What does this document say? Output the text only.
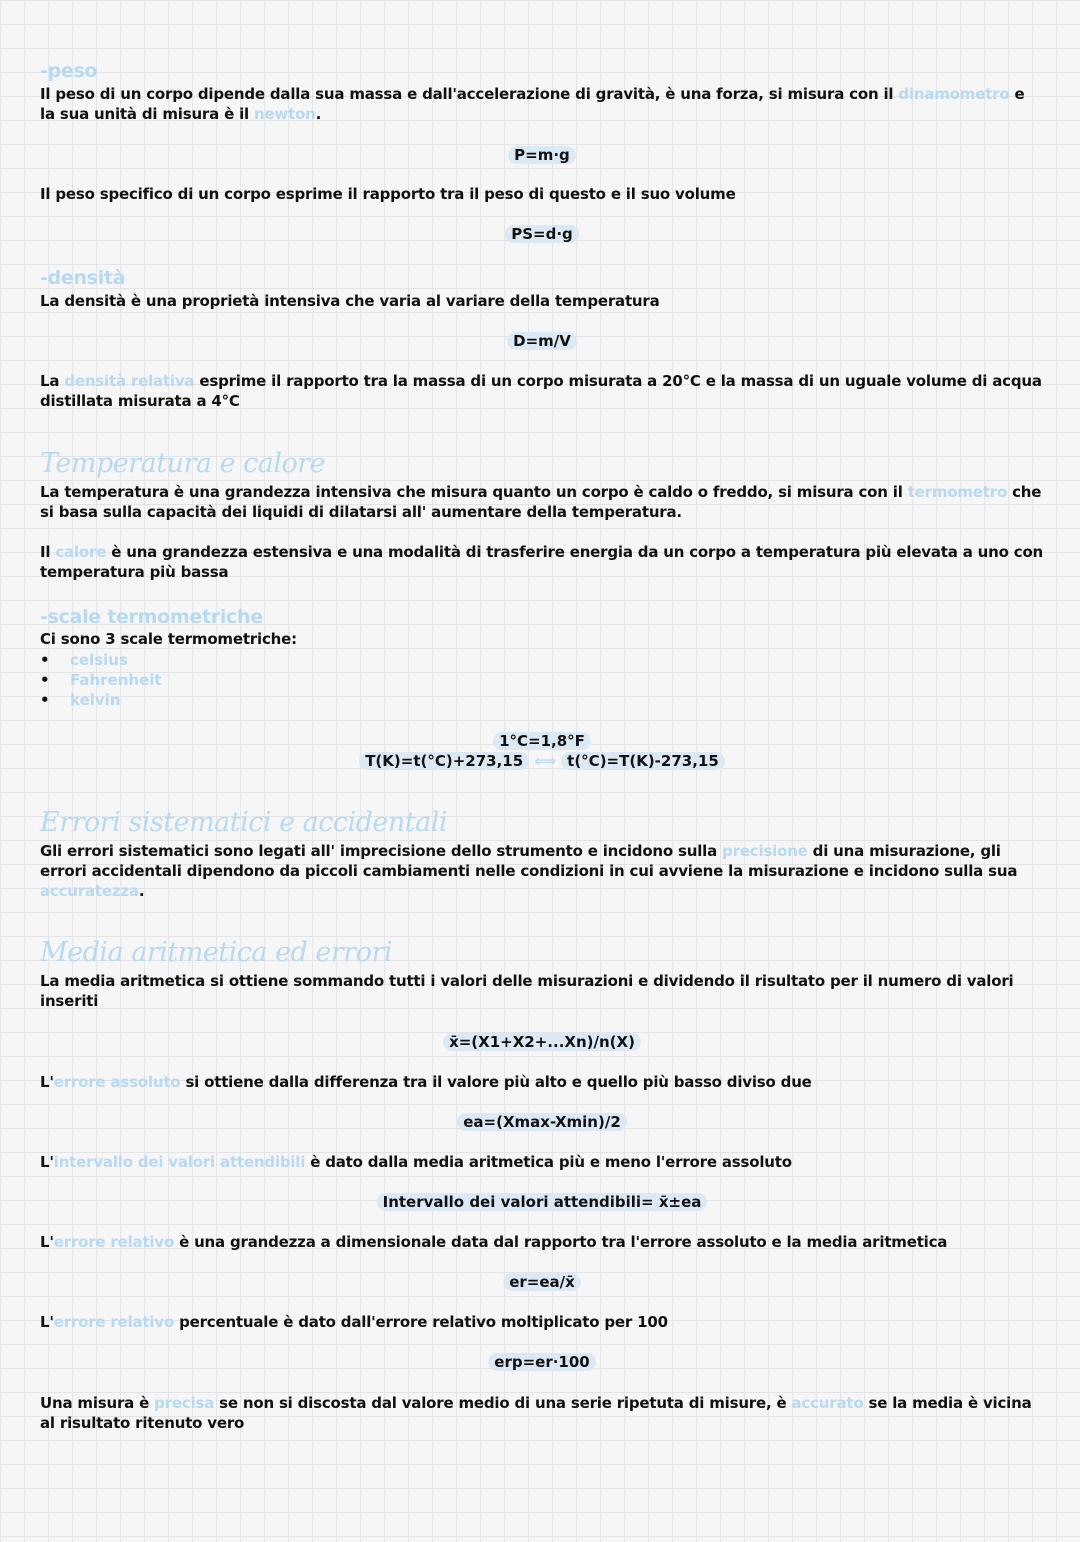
-peso
Il peso di un corpo dipende dalla sua massa e dall'accelerazione di gravità, è una forza, si misura con il dinamometro e la sua unità di misura è il newton.
P=m·g
Il peso specifico di un corpo esprime il rapporto tra il peso di questo e il suo volume
PS=d·g
-densità
La densità è una proprietà intensiva che varia al variare della temperatura
D=m/V
La densità relativa esprime il rapporto tra la massa di un corpo misurata a 20°C e la massa di un uguale volume di acqua distillata misurata a 4°C
Temperatura e calore
La temperatura è una grandezza intensiva che misura quanto un corpo è caldo o freddo, si misura con il termometro che si basa sulla capacità dei liquidi di dilatarsi all' aumentare della temperatura.
Il calore è una grandezza estensiva e una modalità di trasferire energia da un corpo a temperatura più elevata a uno con temperatura più bassa
-scale termometriche
Ci sono 3 scale termometriche:
• celsius
• Fahrenheit
• kelvin
1°C=1,8°F
T(K)=t(°C)+273,15 ⟺ t(°C)=T(K)-273,15
Errori sistematici e accidentali
Gli errori sistematici sono legati all' imprecisione dello strumento e incidono sulla precisione di una misurazione, gli errori accidentali dipendono da piccoli cambiamenti nelle condizioni in cui avviene la misurazione e incidono sulla sua accuratezza.
Media aritmetica ed errori
La media aritmetica si ottiene sommando tutti i valori delle misurazioni e dividendo il risultato per il numero di valori inseriti
x̄=(X1+X2+...Xn)/n(X)
L'errore assoluto si ottiene dalla differenza tra il valore più alto e quello più basso diviso due
ea=(Xmax-Xmin)/2
L'intervallo dei valori attendibili è dato dalla media aritmetica più e meno l'errore assoluto
Intervallo dei valori attendibili= x̄±ea
L'errore relativo è una grandezza a dimensionale data dal rapporto tra l'errore assoluto e la media aritmetica
er=ea/x̄
L'errore relativo percentuale è dato dall'errore relativo moltiplicato per 100
erp=er·100
Una misura è precisa se non si discosta dal valore medio di una serie ripetuta di misure, è accurato se la media è vicina al risultato ritenuto vero
